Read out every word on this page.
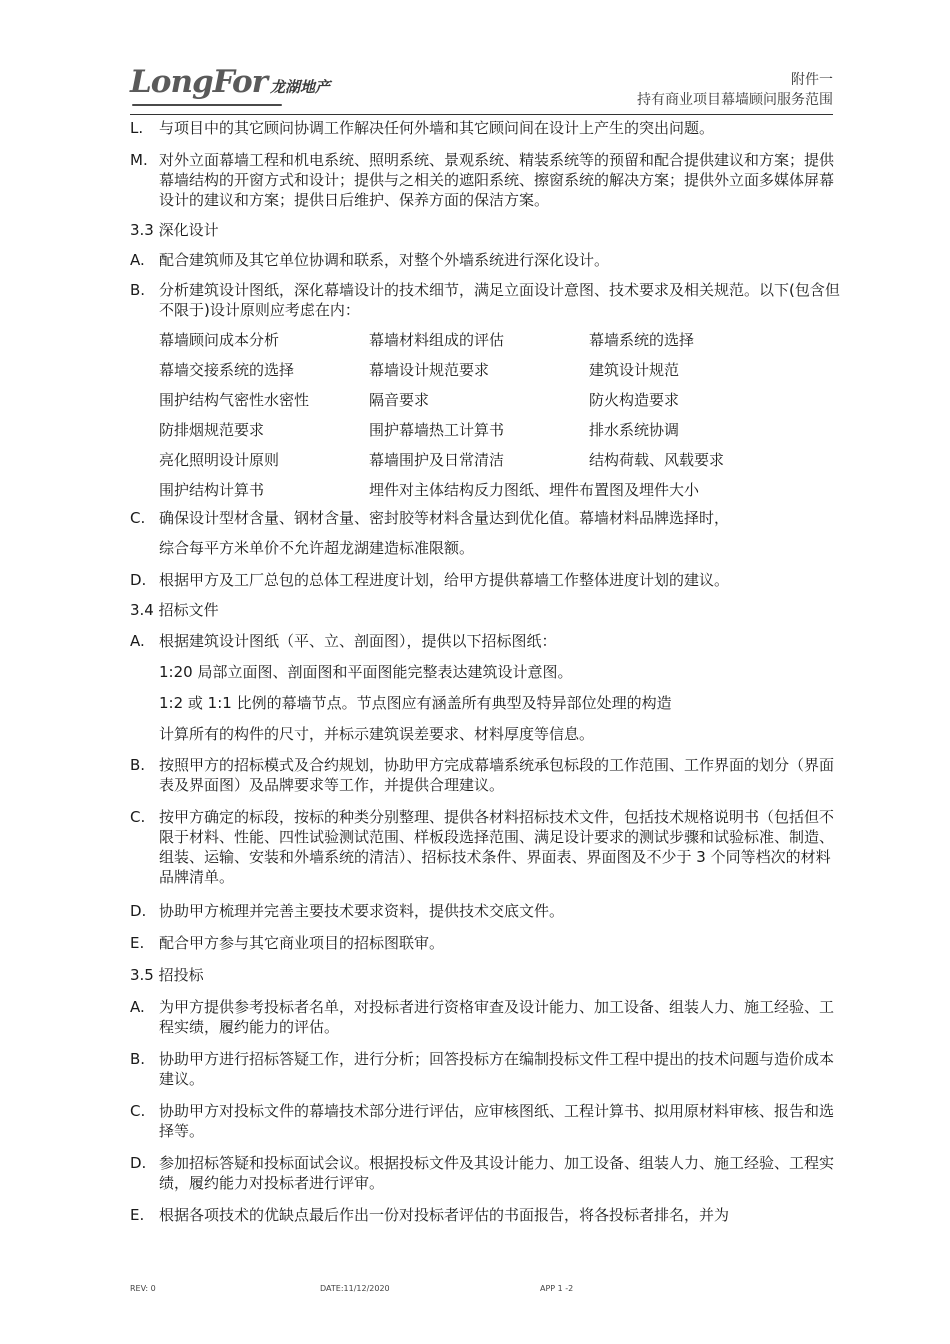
LongFor 龙湖地产	附件一
持有商业项目幕墙顾问服务范围
L. 与项目中的其它顾问协调工作解决任何外墙和其它顾问间在设计上产生的突出问题。
M. 对外立面幕墙工程和机电系统、照明系统、景观系统、精装系统等的预留和配合提供建议和方案；提供幕墙结构的开窗方式和设计；提供与之相关的遮阳系统、擦窗系统的解决方案；提供外立面多媒体屏幕设计的建议和方案；提供日后维护、保养方面的保洁方案。
3.3 深化设计
A. 配合建筑师及其它单位协调和联系，对整个外墙系统进行深化设计。
B. 分析建筑设计图纸，深化幕墙设计的技术细节，满足立面设计意图、技术要求及相关规范。以下(包含但不限于)设计原则应考虑在内：
幕墙顾问成本分析	幕墙材料组成的评估	幕墙系统的选择
幕墙交接系统的选择	幕墙设计规范要求	建筑设计规范
围护结构气密性水密性	隔音要求	防火构造要求
防排烟规范要求	围护幕墙热工计算书	排水系统协调
亮化照明设计原则	幕墙围护及日常清洁	结构荷载、风载要求
围护结构计算书	埋件对主体结构反力图纸、埋件布置图及埋件大小
C. 确保设计型材含量、钢材含量、密封胶等材料含量达到优化值。幕墙材料品牌选择时，
综合每平方米单价不允许超龙湖建造标准限额。
D. 根据甲方及工厂总包的总体工程进度计划，给甲方提供幕墙工作整体进度计划的建议。
3.4 招标文件
A. 根据建筑设计图纸（平、立、剖面图），提供以下招标图纸：
1:20 局部立面图、剖面图和平面图能完整表达建筑设计意图。
1:2 或 1:1 比例的幕墙节点。节点图应有涵盖所有典型及特异部位处理的构造
计算所有的构件的尺寸，并标示建筑误差要求、材料厚度等信息。
B. 按照甲方的招标模式及合约规划，协助甲方完成幕墙系统承包标段的工作范围、工作界面的划分（界面表及界面图）及品牌要求等工作，并提供合理建议。
C. 按甲方确定的标段，按标的种类分别整理、提供各材料招标技术文件，包括技术规格说明书（包括但不限于材料、性能、四性试验测试范围、样板段选择范围、满足设计要求的测试步骤和试验标准、制造、组装、运输、安装和外墙系统的清洁）、招标技术条件、界面表、界面图及不少于 3 个同等档次的材料品牌清单。
D. 协助甲方梳理并完善主要技术要求资料，提供技术交底文件。
E. 配合甲方参与其它商业项目的招标图联审。
3.5 招投标
A. 为甲方提供参考投标者名单，对投标者进行资格审查及设计能力、加工设备、组装人力、施工经验、工程实绩，履约能力的评估。
B. 协助甲方进行招标答疑工作，进行分析；回答投标方在编制投标文件工程中提出的技术问题与造价成本建议。
C. 协助甲方对投标文件的幕墙技术部分进行评估，应审核图纸、工程计算书、拟用原材料审核、报告和选择等。
D. 参加招标答疑和投标面试会议。根据投标文件及其设计能力、加工设备、组装人力、施工经验、工程实绩，履约能力对投标者进行评审。
E. 根据各项技术的优缺点最后作出一份对投标者评估的书面报告，将各投标者排名，并为
REV: 0	DATE:11/12/2020	APP 1 -2
